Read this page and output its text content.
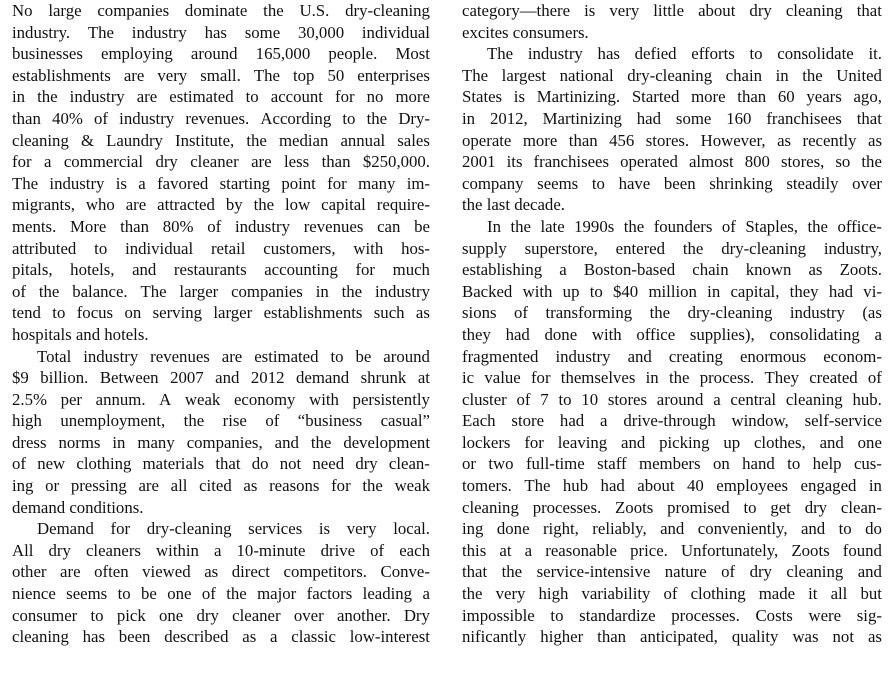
No large companies dominate the U.S. dry-cleaning
industry. The industry has some 30,000 individual
businesses employing around 165,000 people. Most
establishments are very small. The top 50 enterprises
in the industry are estimated to account for no more
than 40% of industry revenues. According to the Dry-
cleaning & Laundry Institute, the median annual sales
for a commercial dry cleaner are less than $250,000.
The industry is a favored starting point for many im-
migrants, who are attracted by the low capital require-
ments. More than 80% of industry revenues can be
attributed to individual retail customers, with hos-
pitals, hotels, and restaurants accounting for much
of the balance. The larger companies in the industry
tend to focus on serving larger establishments such as
hospitals and hotels.
Total industry revenues are estimated to be around
$9 billion. Between 2007 and 2012 demand shrunk at
2.5% per annum. A weak economy with persistently
high unemployment, the rise of “business casual”
dress norms in many companies, and the development
of new clothing materials that do not need dry clean-
ing or pressing are all cited as reasons for the weak
demand conditions.
Demand for dry-cleaning services is very local.
All dry cleaners within a 10-minute drive of each
other are often viewed as direct competitors. Conve-
nience seems to be one of the major factors leading a
consumer to pick one dry cleaner over another. Dry
cleaning has been described as a classic low-interest
category—there is very little about dry cleaning that
excites consumers.
The industry has defied efforts to consolidate it.
The largest national dry-cleaning chain in the United
States is Martinizing. Started more than 60 years ago,
in 2012, Martinizing had some 160 franchisees that
operate more than 456 stores. However, as recently as
2001 its franchisees operated almost 800 stores, so the
company seems to have been shrinking steadily over
the last decade.
In the late 1990s the founders of Staples, the office-
supply superstore, entered the dry-cleaning industry,
establishing a Boston-based chain known as Zoots.
Backed with up to $40 million in capital, they had vi-
sions of transforming the dry-cleaning industry (as
they had done with office supplies), consolidating a
fragmented industry and creating enormous econom-
ic value for themselves in the process. They created of
cluster of 7 to 10 stores around a central cleaning hub.
Each store had a drive-through window, self-service
lockers for leaving and picking up clothes, and one
or two full-time staff members on hand to help cus-
tomers. The hub had about 40 employees engaged in
cleaning processes. Zoots promised to get dry clean-
ing done right, reliably, and conveniently, and to do
this at a reasonable price. Unfortunately, Zoots found
that the service-intensive nature of dry cleaning and
the very high variability of clothing made it all but
impossible to standardize processes. Costs were sig-
nificantly higher than anticipated, quality was not as
